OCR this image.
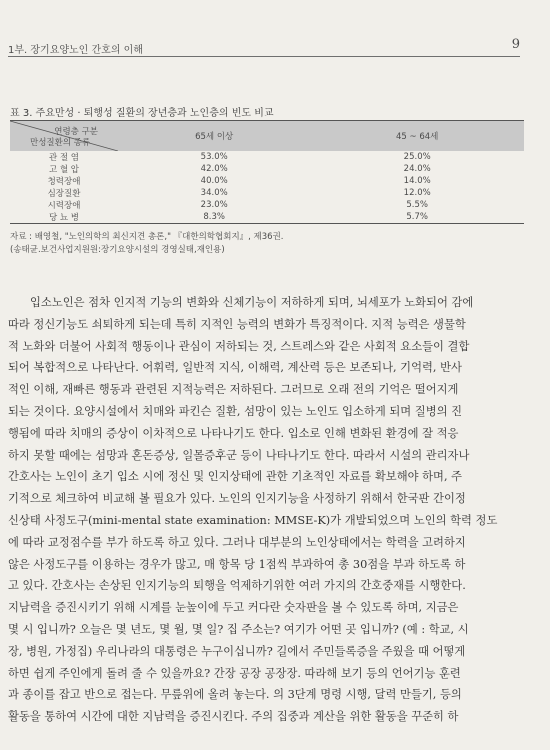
1부. 장기요양노인 간호의 이해	9
표 3. 주요만성 · 퇴행성 질환의 장년층과 노인층의 빈도 비교
연령층 구분
만성질환의 종류	65세 이상	45 ~ 64세
관 절 염	53.0%	25.0%
고 혈 압	42.0%	24.0%
청력장애	40.0%	14.0%
심장질환	34.0%	12.0%
시력장애	23.0%	5.5%
당 뇨 병	8.3%	5.7%
자료 : 배영철, "노인의학의 최신지견 총론," 『대한의학협회지』, 제36권.
(송태균.보건사업지원원:장기요양시설의 경영실태,재인용)
입소노인은 점차 인지적 기능의 변화와 신체기능이 저하하게 되며, 뇌세포가 노화되어 감에
따라 정신기능도 쇠퇴하게 되는데 특히 지적인 능력의 변화가 특징적이다. 지적 능력은 생물학
적 노화와 더불어 사회적 행동이나 관심이 저하되는 것, 스트레스와 같은 사회적 요소들이 결합
되어 복합적으로 나타난다. 어휘력, 일반적 지식, 이해력, 계산력 등은 보존되나, 기억력, 반사
적인 이해, 재빠른 행동과 관련된 지적능력은 저하된다. 그러므로 오래 전의 기억은 떨어지게
되는 것이다. 요양시설에서 치매와 파킨슨 질환, 섬망이 있는 노인도 입소하게 되며 질병의 진
행됨에 따라 치매의 증상이 이차적으로 나타나기도 한다. 입소로 인해 변화된 환경에 잘 적응
하지 못할 때에는 섬망과 혼돈증상, 일몰증후군 등이 나타나기도 한다. 따라서 시설의 관리자나
간호사는 노인이 초기 입소 시에 정신 및 인지상태에 관한 기초적인 자료를 확보해야 하며, 주
기적으로 체크하여 비교해 볼 필요가 있다. 노인의 인지기능을 사정하기 위해서 한국판 간이정
신상태 사정도구(mini-mental state examination: MMSE-K)가 개발되었으며 노인의 학력 정도
에 따라 교정점수를 부가 하도록 하고 있다. 그러나 대부분의 노인상태에서는 학력을 고려하지
않은 사정도구를 이용하는 경우가 많고, 매 항목 당 1점씩 부과하여 총 30점을 부과 하도록 하
고 있다. 간호사는 손상된 인지기능의 퇴행을 억제하기위한 여러 가지의 간호중재를 시행한다.
지남력을 증진시키기 위해 시계를 눈높이에 두고 커다란 숫자판을 볼 수 있도록 하며, 지금은
몇 시 입니까? 오늘은 몇 년도, 몇 월, 몇 일? 집 주소는? 여기가 어떤 곳 입니까? (예 : 학교, 시
장, 병원, 가정집) 우리나라의 대통령은 누구이십니까? 길에서 주민들록증을 주웠을 때 어떻게
하면 쉽게 주인에게 돌려 줄 수 있을까요? 간장 공장 공장장. 따라해 보기 등의 언어기능 훈련
과 종이를 잡고 반으로 접는다. 무릎위에 올려 놓는다. 의 3단계 명령 시행, 달력 만들기, 등의
활동을 통하여 시간에 대한 지남력을 증진시킨다. 주의 집중과 계산을 위한 활동을 꾸준히 하
